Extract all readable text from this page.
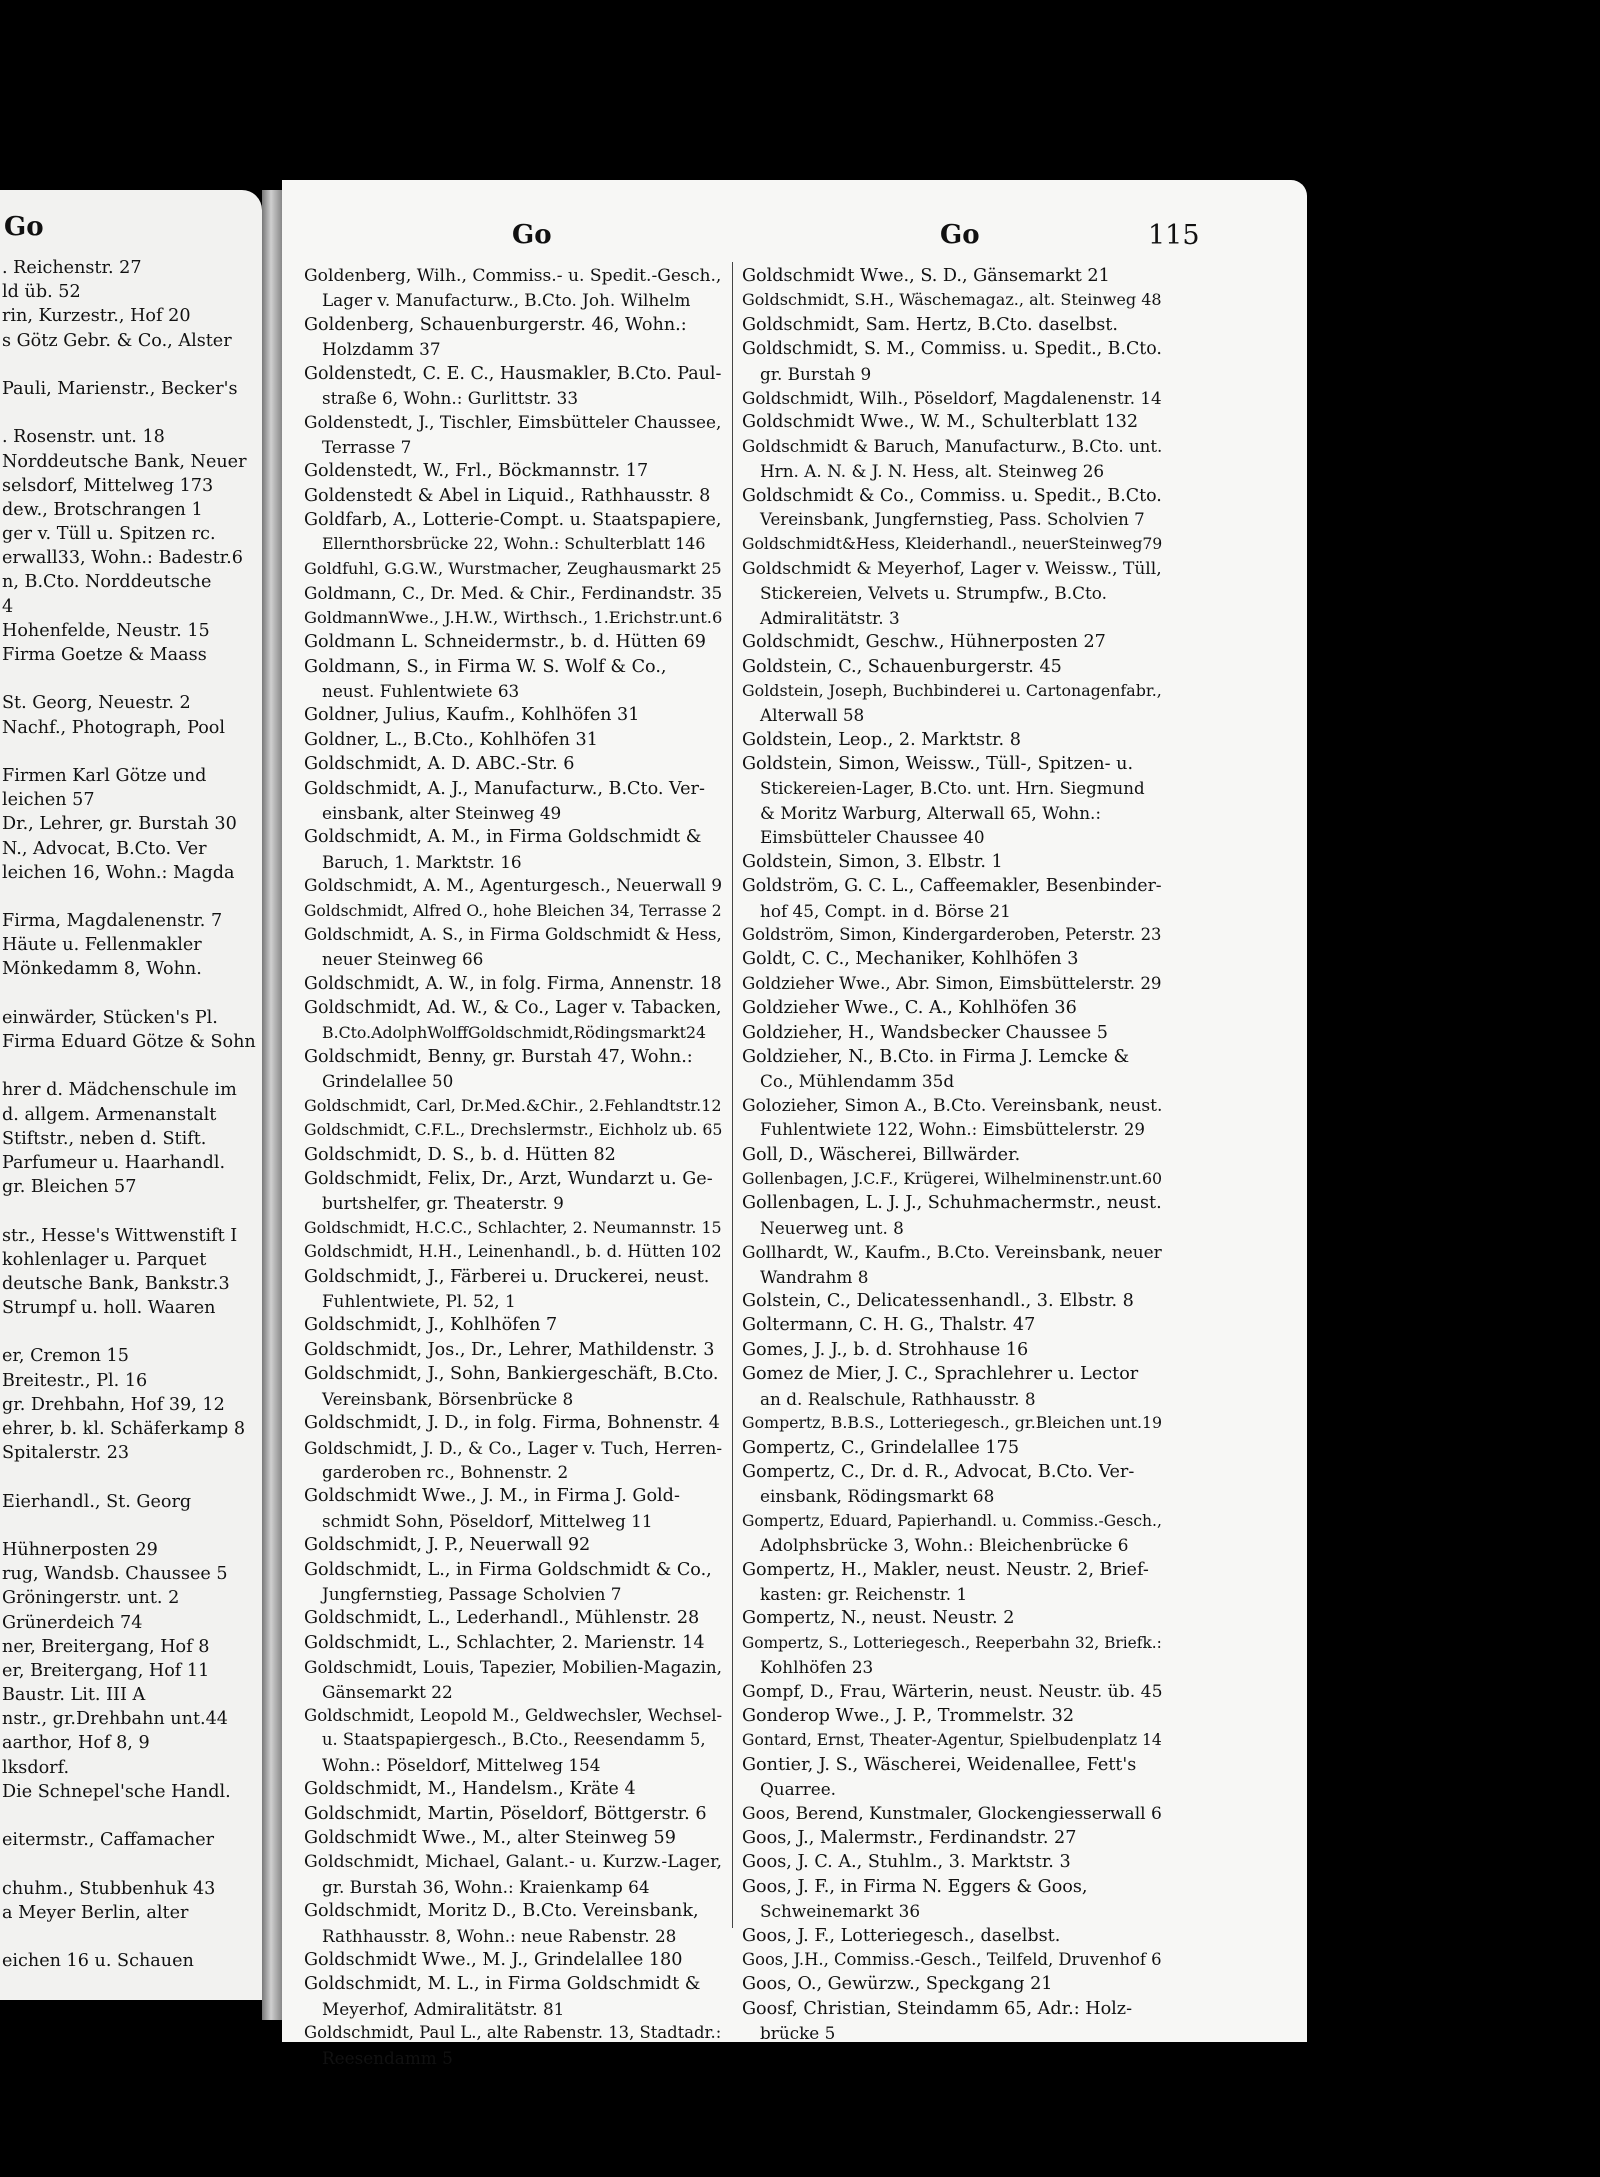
Go
. Reichenstr. 27
ld üb. 52
rin, Kurzestr., Hof 20
s Götz Gebr. & Co., Alster
Pauli, Marienstr., Becker's
. Rosenstr. unt. 18
Norddeutsche Bank, Neuer
selsdorf, Mittelweg 173
dew., Brotschrangen 1
ger v. Tüll u. Spitzen rc.
erwall33, Wohn.: Badestr.6
n, B.Cto. Norddeutsche
4
Hohenfelde, Neustr. 15
Firma Goetze & Maass
St. Georg, Neuestr. 2
Nachf., Photograph, Pool
Firmen Karl Götze und
leichen 57
Dr., Lehrer, gr. Burstah 30
N., Advocat, B.Cto. Ver
leichen 16, Wohn.: Magda
Firma, Magdalenenstr. 7
Häute u. Fellenmakler
Mönkedamm 8, Wohn.
einwärder, Stücken's Pl.
Firma Eduard Götze & Sohn
hrer d. Mädchenschule im
d. allgem. Armenanstalt
Stiftstr., neben d. Stift.
Parfumeur u. Haarhandl.
gr. Bleichen 57
str., Hesse's Wittwenstift I
kohlenlager u. Parquet
deutsche Bank, Bankstr.3
Strumpf u. holl. Waaren
er, Cremon 15
Breitestr., Pl. 16
gr. Drehbahn, Hof 39, 12
ehrer, b. kl. Schäferkamp 8
Spitalerstr. 23
Eierhandl., St. Georg
Hühnerposten 29
rug, Wandsb. Chaussee 5
Gröningerstr. unt. 2
Grünerdeich 74
ner, Breitergang, Hof 8
er, Breitergang, Hof 11
Baustr. Lit. III A
nstr., gr.Drehbahn unt.44
aarthor, Hof 8, 9
lksdorf.
Die Schnepel'sche Handl.
eitermstr., Caffamacher
chuhm., Stubbenhuk 43
a Meyer Berlin, alter
eichen 16 u. Schauen
Go	Go	115
Goldenberg, Wilh., Commiss.- u. Spedit.-Gesch.,
Lager v. Manufacturw., B.Cto. Joh. Wilhelm
Goldenberg, Schauenburgerstr. 46, Wohn.:
Holzdamm 37
Goldenstedt, C. E. C., Hausmakler, B.Cto. Paul-
straße 6, Wohn.: Gurlittstr. 33
Goldenstedt, J., Tischler, Eimsbütteler Chaussee,
Terrasse 7
Goldenstedt, W., Frl., Böckmannstr. 17
Goldenstedt & Abel in Liquid., Rathhausstr. 8
Goldfarb, A., Lotterie-Compt. u. Staatspapiere,
Ellernthorsbrücke 22, Wohn.: Schulterblatt 146
Goldfuhl, G.G.W., Wurstmacher, Zeughausmarkt 25
Goldmann, C., Dr. Med. & Chir., Ferdinandstr. 35
GoldmannWwe., J.H.W., Wirthsch., 1.Erichstr.unt.6
Goldmann L. Schneidermstr., b. d. Hütten 69
Goldmann, S., in Firma W. S. Wolf & Co.,
neust. Fuhlentwiete 63
Goldner, Julius, Kaufm., Kohlhöfen 31
Goldner, L., B.Cto., Kohlhöfen 31
Goldschmidt, A. D. ABC.-Str. 6
Goldschmidt, A. J., Manufacturw., B.Cto. Ver-
einsbank, alter Steinweg 49
Goldschmidt, A. M., in Firma Goldschmidt &
Baruch, 1. Marktstr. 16
Goldschmidt, A. M., Agenturgesch., Neuerwall 9
Goldschmidt, Alfred O., hohe Bleichen 34, Terrasse 2
Goldschmidt, A. S., in Firma Goldschmidt & Hess,
neuer Steinweg 66
Goldschmidt, A. W., in folg. Firma, Annenstr. 18
Goldschmidt, Ad. W., & Co., Lager v. Tabacken,
B.Cto.AdolphWolffGoldschmidt,Rödingsmarkt24
Goldschmidt, Benny, gr. Burstah 47, Wohn.:
Grindelallee 50
Goldschmidt, Carl, Dr.Med.&Chir., 2.Fehlandtstr.12
Goldschmidt, C.F.L., Drechslermstr., Eichholz ub. 65
Goldschmidt, D. S., b. d. Hütten 82
Goldschmidt, Felix, Dr., Arzt, Wundarzt u. Ge-
burtshelfer, gr. Theaterstr. 9
Goldschmidt, H.C.C., Schlachter, 2. Neumannstr. 15
Goldschmidt, H.H., Leinenhandl., b. d. Hütten 102
Goldschmidt, J., Färberei u. Druckerei, neust.
Fuhlentwiete, Pl. 52, 1
Goldschmidt, J., Kohlhöfen 7
Goldschmidt, Jos., Dr., Lehrer, Mathildenstr. 3
Goldschmidt, J., Sohn, Bankiergeschäft, B.Cto.
Vereinsbank, Börsenbrücke 8
Goldschmidt, J. D., in folg. Firma, Bohnenstr. 4
Goldschmidt, J. D., & Co., Lager v. Tuch, Herren-
garderoben rc., Bohnenstr. 2
Goldschmidt Wwe., J. M., in Firma J. Gold-
schmidt Sohn, Pöseldorf, Mittelweg 11
Goldschmidt, J. P., Neuerwall 92
Goldschmidt, L., in Firma Goldschmidt & Co.,
Jungfernstieg, Passage Scholvien 7
Goldschmidt, L., Lederhandl., Mühlenstr. 28
Goldschmidt, L., Schlachter, 2. Marienstr. 14
Goldschmidt, Louis, Tapezier, Mobilien-Magazin,
Gänsemarkt 22
Goldschmidt, Leopold M., Geldwechsler, Wechsel-
u. Staatspapiergesch., B.Cto., Reesendamm 5,
Wohn.: Pöseldorf, Mittelweg 154
Goldschmidt, M., Handelsm., Kräte 4
Goldschmidt, Martin, Pöseldorf, Böttgerstr. 6
Goldschmidt Wwe., M., alter Steinweg 59
Goldschmidt, Michael, Galant.- u. Kurzw.-Lager,
gr. Burstah 36, Wohn.: Kraienkamp 64
Goldschmidt, Moritz D., B.Cto. Vereinsbank,
Rathhausstr. 8, Wohn.: neue Rabenstr. 28
Goldschmidt Wwe., M. J., Grindelallee 180
Goldschmidt, M. L., in Firma Goldschmidt &
Meyerhof, Admiralitätstr. 81
Goldschmidt, Paul L., alte Rabenstr. 13, Stadtadr.:
Reesendamm 5
Goldschmidt Wwe., S. D., Gänsemarkt 21
Goldschmidt, S.H., Wäschemagaz., alt. Steinweg 48
Goldschmidt, Sam. Hertz, B.Cto. daselbst.
Goldschmidt, S. M., Commiss. u. Spedit., B.Cto.
gr. Burstah 9
Goldschmidt, Wilh., Pöseldorf, Magdalenenstr. 14
Goldschmidt Wwe., W. M., Schulterblatt 132
Goldschmidt & Baruch, Manufacturw., B.Cto. unt.
Hrn. A. N. & J. N. Hess, alt. Steinweg 26
Goldschmidt & Co., Commiss. u. Spedit., B.Cto.
Vereinsbank, Jungfernstieg, Pass. Scholvien 7
Goldschmidt&Hess, Kleiderhandl., neuerSteinweg79
Goldschmidt & Meyerhof, Lager v. Weissw., Tüll,
Stickereien, Velvets u. Strumpfw., B.Cto.
Admiralitätstr. 3
Goldschmidt, Geschw., Hühnerposten 27
Goldstein, C., Schauenburgerstr. 45
Goldstein, Joseph, Buchbinderei u. Cartonagenfabr.,
Alterwall 58
Goldstein, Leop., 2. Marktstr. 8
Goldstein, Simon, Weissw., Tüll-, Spitzen- u.
Stickereien-Lager, B.Cto. unt. Hrn. Siegmund
& Moritz Warburg, Alterwall 65, Wohn.:
Eimsbütteler Chaussee 40
Goldstein, Simon, 3. Elbstr. 1
Goldström, G. C. L., Caffeemakler, Besenbinder-
hof 45, Compt. in d. Börse 21
Goldström, Simon, Kindergarderoben, Peterstr. 23
Goldt, C. C., Mechaniker, Kohlhöfen 3
Goldzieher Wwe., Abr. Simon, Eimsbüttelerstr. 29
Goldzieher Wwe., C. A., Kohlhöfen 36
Goldzieher, H., Wandsbecker Chaussee 5
Goldzieher, N., B.Cto. in Firma J. Lemcke &
Co., Mühlendamm 35d
Golozieher, Simon A., B.Cto. Vereinsbank, neust.
Fuhlentwiete 122, Wohn.: Eimsbüttelerstr. 29
Goll, D., Wäscherei, Billwärder.
Gollenbagen, J.C.F., Krügerei, Wilhelminenstr.unt.60
Gollenbagen, L. J. J., Schuhmachermstr., neust.
Neuerweg unt. 8
Gollhardt, W., Kaufm., B.Cto. Vereinsbank, neuer
Wandrahm 8
Golstein, C., Delicatessenhandl., 3. Elbstr. 8
Goltermann, C. H. G., Thalstr. 47
Gomes, J. J., b. d. Strohhause 16
Gomez de Mier, J. C., Sprachlehrer u. Lector
an d. Realschule, Rathhausstr. 8
Gompertz, B.B.S., Lotteriegesch., gr.Bleichen unt.19
Gompertz, C., Grindelallee 175
Gompertz, C., Dr. d. R., Advocat, B.Cto. Ver-
einsbank, Rödingsmarkt 68
Gompertz, Eduard, Papierhandl. u. Commiss.-Gesch.,
Adolphsbrücke 3, Wohn.: Bleichenbrücke 6
Gompertz, H., Makler, neust. Neustr. 2, Brief-
kasten: gr. Reichenstr. 1
Gompertz, N., neust. Neustr. 2
Gompertz, S., Lotteriegesch., Reeperbahn 32, Briefk.:
Kohlhöfen 23
Gompf, D., Frau, Wärterin, neust. Neustr. üb. 45
Gonderop Wwe., J. P., Trommelstr. 32
Gontard, Ernst, Theater-Agentur, Spielbudenplatz 14
Gontier, J. S., Wäscherei, Weidenallee, Fett's
Quarree.
Goos, Berend, Kunstmaler, Glockengiesserwall 6
Goos, J., Malermstr., Ferdinandstr. 27
Goos, J. C. A., Stuhlm., 3. Marktstr. 3
Goos, J. F., in Firma N. Eggers & Goos,
Schweinemarkt 36
Goos, J. F., Lotteriegesch., daselbst.
Goos, J.H., Commiss.-Gesch., Teilfeld, Druvenhof 6
Goos, O., Gewürzw., Speckgang 21
Goosf, Christian, Steindamm 65, Adr.: Holz-
brücke 5
